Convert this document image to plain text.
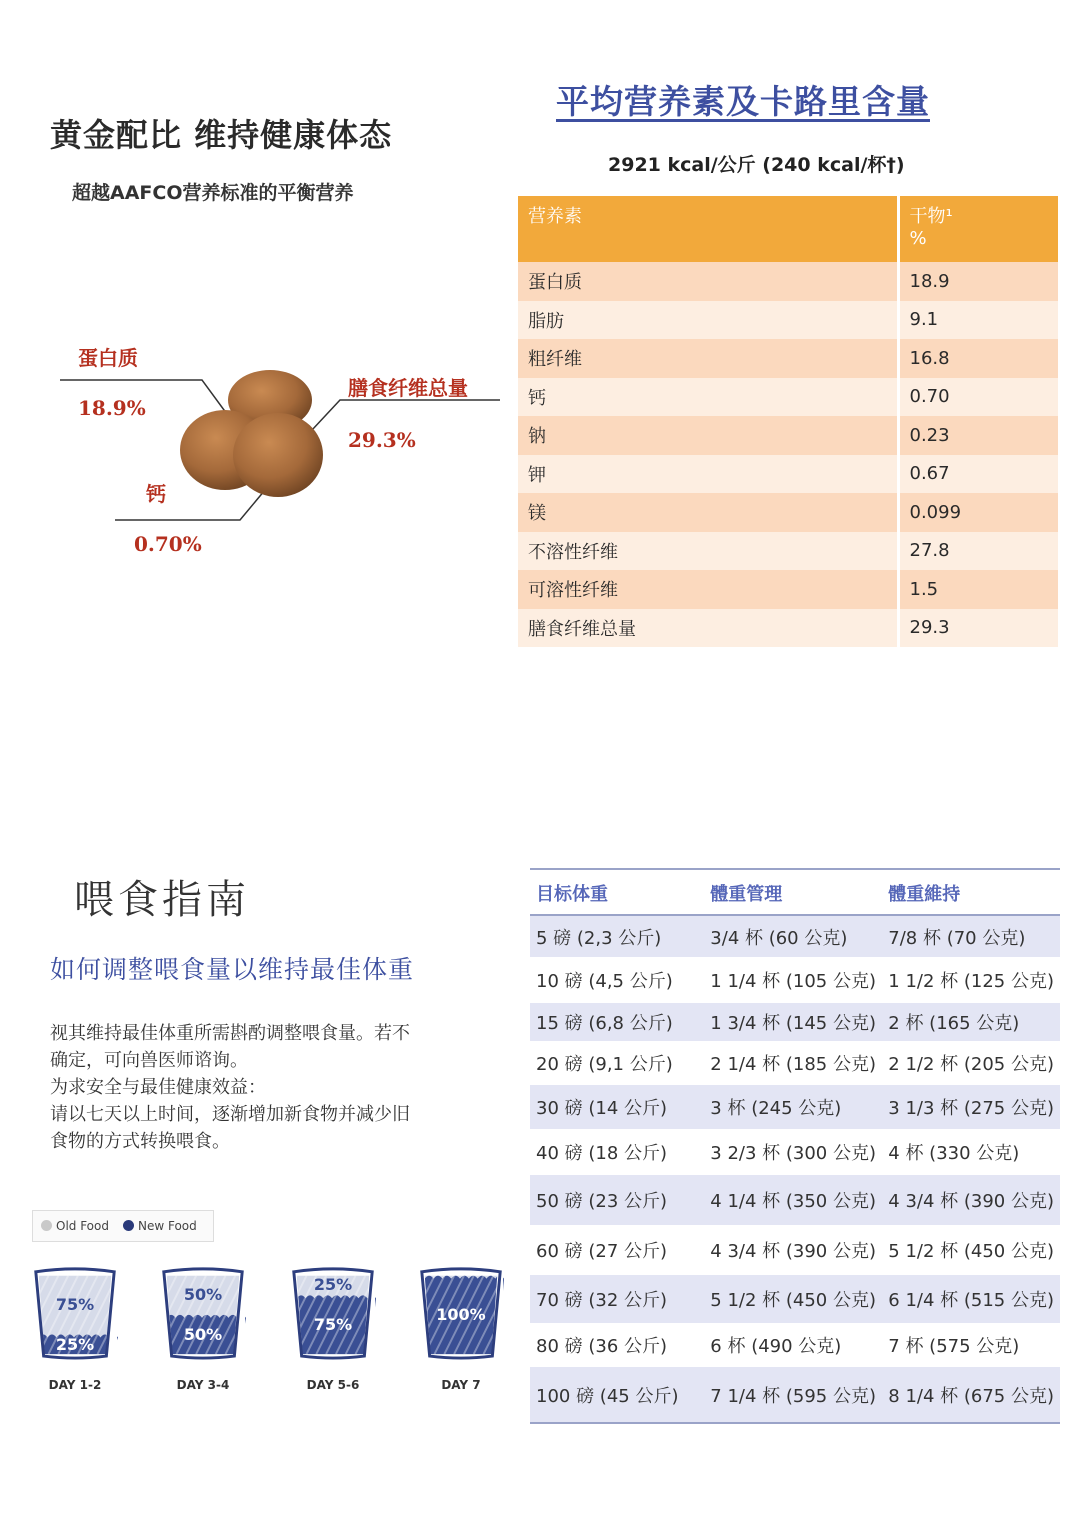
黄金配比 维持健康体态
超越AAFCO营养标准的平衡营养
蛋白质
18.9%
膳食纤维总量
29.3%
钙
0.70%
平均营养素及卡路里含量
2921 kcal/公斤 (240 kcal/杯†)
营养素	干物¹
%

蛋白质	18.9
脂肪	9.1
粗纤维	16.8
钙	0.70
钠	0.23
钾	0.67
镁	0.099
不溶性纤维	27.8
可溶性纤维	1.5
膳食纤维总量	29.3
喂食指南
如何调整喂食量以维持最佳体重
视其维持最佳体重所需斟酌调整喂食量。若不
确定，可向兽医师谘询。
为求安全与最佳健康效益：
请以七天以上时间，逐渐增加新食物并减少旧
食物的方式转换喂食。
Old Food	New Food
75%
25%
DAY 1-2
50%
50%
DAY 3-4
25%
75%
DAY 5-6
100%
DAY 7
目标体重	體重管理	體重維持
5 磅 (2,3 公斤)	3/4 杯 (60 公克)	7/8 杯 (70 公克)
10 磅 (4,5 公斤)	1 1/4 杯 (105 公克)	1 1/2 杯 (125 公克)
15 磅 (6,8 公斤)	1 3/4 杯 (145 公克)	2 杯 (165 公克)
20 磅 (9,1 公斤)	2 1/4 杯 (185 公克)	2 1/2 杯 (205 公克)
30 磅 (14 公斤)	3 杯 (245 公克)	3 1/3 杯 (275 公克)
40 磅 (18 公斤)	3 2/3 杯 (300 公克)	4 杯 (330 公克)
50 磅 (23 公斤)	4 1/4 杯 (350 公克)	4 3/4 杯 (390 公克)
60 磅 (27 公斤)	4 3/4 杯 (390 公克)	5 1/2 杯 (450 公克)
70 磅 (32 公斤)	5 1/2 杯 (450 公克)	6 1/4 杯 (515 公克)
80 磅 (36 公斤)	6 杯 (490 公克)	7 杯 (575 公克)
100 磅 (45 公斤)	7 1/4 杯 (595 公克)	8 1/4 杯 (675 公克)
